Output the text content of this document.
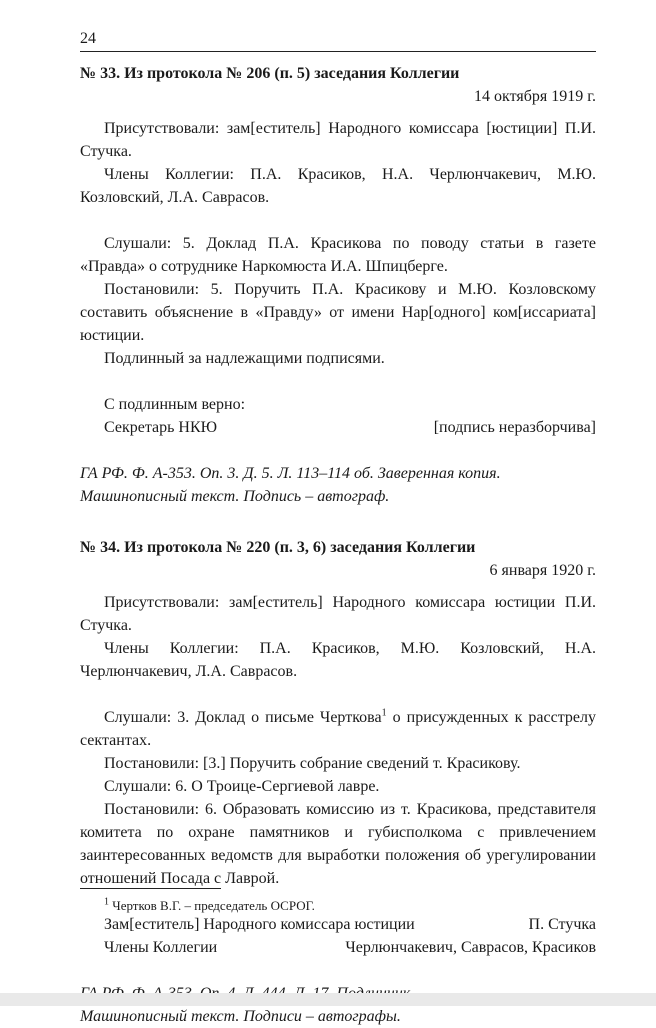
24

№ 33. Из протокола № 206 (п. 5) заседания Коллегии

14 октября 1919 г.

Присутствовали: зам[еститель] Народного комиссара [юстиции] П.И. Стучка.

Члены Коллегии: П.А. Красиков, Н.А. Черлюнчакевич, М.Ю. Козловский, Л.А. Саврасов.

Слушали: 5. Доклад П.А. Красикова по поводу статьи в газете «Правда» о сотруднике Наркомюста И.А. Шпицберге.

Постановили: 5. Поручить П.А. Красикову и М.Ю. Козловскому составить объяснение в «Правду» от имени Нар[одного] ком[иссариата] юстиции.

Подлинный за надлежащими подписями.

С подлинным верно:

Секретарь НКЮ	[подпись неразборчива]

ГА РФ. Ф. А-353. Оп. 3. Д. 5. Л. 113–114 об. Заверенная копия.

Машинописный текст. Подпись – автограф.

№ 34. Из протокола № 220 (п. 3, 6) заседания Коллегии

6 января 1920 г.

Присутствовали: зам[еститель] Народного комиссара юстиции П.И. Стучка.

Члены Коллегии: П.А. Красиков, М.Ю. Козловский, Н.А. Черлюнчакевич, Л.А. Саврасов.

Слушали: 3. Доклад о письме Черткова$^1$ о присужденных к расстрелу сектантах.

Постановили: [3.] Поручить собрание сведений т. Красикову.

Слушали: 6. О Троице-Сергиевой лавре.

Постановили: 6. Образовать комиссию из т. Красикова, представителя комитета по охране памятников и губисполкома с привлечением заинтересованных ведомств для выработки положения об урегулировании отношений Посада с Лаврой.

Зам[еститель] Народного комиссара юстиции	П. Стучка
Члены Коллегии	Черлюнчакевич, Саврасов, Красиков

Машинописный текст. Подписи – автографы.

$^1$ Чертков В.Г. – председатель ОСРОГ.
